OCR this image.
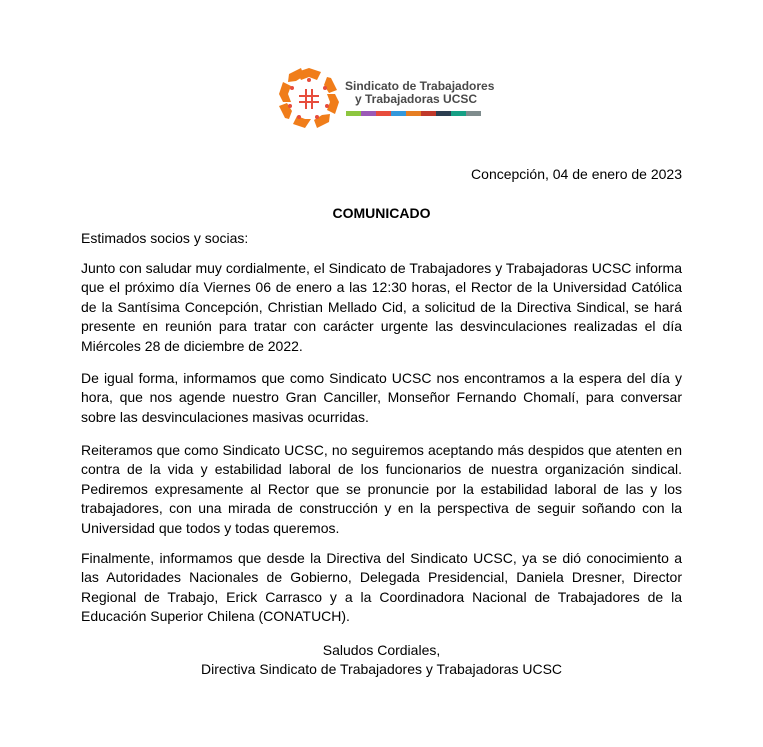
Sindicato de Trabajadores
y Trabajadoras UCSC
Concepción, 04 de enero de 2023
COMUNICADO
Estimados socios y socias:
Junto con saludar muy cordialmente, el Sindicato de Trabajadores y Trabajadoras UCSC informa que el próximo día Viernes 06 de enero a las 12:30 horas, el Rector de la Universidad Católica de la Santísima Concepción, Christian Mellado Cid, a solicitud de la Directiva Sindical, se hará presente en reunión para tratar con carácter urgente las desvinculaciones realizadas el día Miércoles 28 de diciembre de 2022.
De igual forma, informamos que como Sindicato UCSC nos encontramos a la espera del día y hora, que nos agende nuestro Gran Canciller, Monseñor Fernando Chomalí, para conversar sobre las desvinculaciones masivas ocurridas.
Reiteramos que como Sindicato UCSC, no seguiremos aceptando más despidos que atenten en contra de la vida y estabilidad laboral de los funcionarios de nuestra organización sindical. Pediremos expresamente al Rector que se pronuncie por la estabilidad laboral de las y los trabajadores, con una mirada de construcción y en la perspectiva de seguir soñando con la Universidad que todos y todas queremos.
Finalmente, informamos que desde la Directiva del Sindicato UCSC, ya se dió conocimiento a las Autoridades Nacionales de Gobierno, Delegada Presidencial, Daniela Dresner, Director Regional de Trabajo, Erick Carrasco y a la Coordinadora Nacional de Trabajadores de la Educación Superior Chilena (CONATUCH).
Saludos Cordiales,
Directiva Sindicato de Trabajadores y Trabajadoras UCSC
